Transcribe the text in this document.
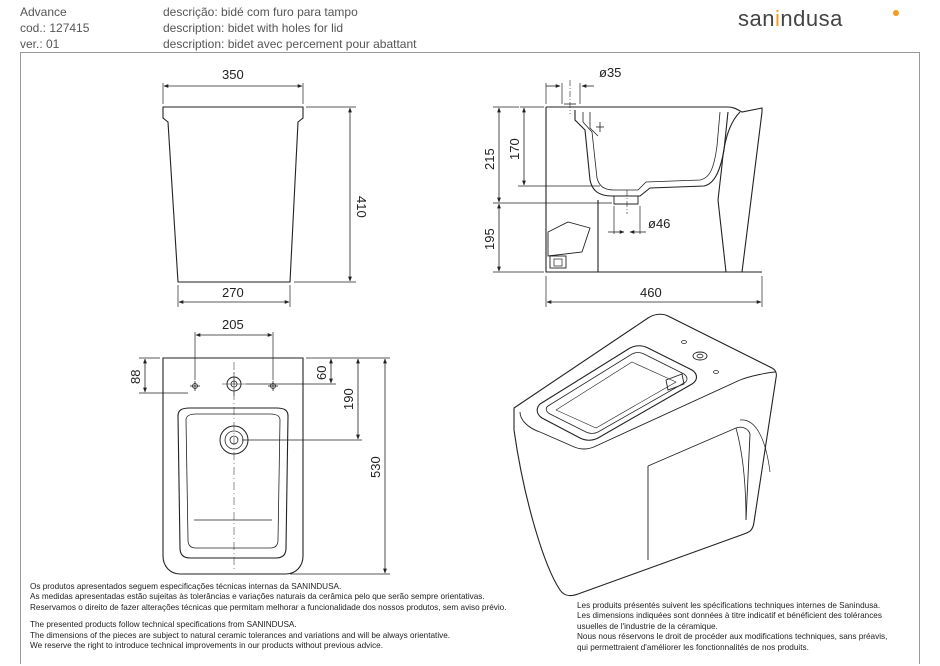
Advance
cod.: 127415
ver.: 01
descrição: bidé com furo para tampo
description: bidet with holes for lid
description: bidet avec percement pour abattant
sanindusa
350
410
270
ø35
170
215
195
ø46
460
205
88	60
190
530

Os produtos apresentados seguem especificações técnicas internas da SANINDUSA.

As medidas apresentadas estão sujeitas às tolerâncias e variações naturais da cerâmica pelo que serão sempre orientativas.

Reservamos o direito de fazer alterações técnicas que permitam melhorar a funcionalidade dos nossos produtos, sem aviso prévio.

The presented products follow technical specifications from SANINDUSA.

The dimensions of the pieces are subject to natural ceramic tolerances and variations and will be always orientative.

We reserve the right to introduce technical improvements in our products without previous advice.

Les produits présentés suivent les spécifications techniques internes de Sanindusa.

Les dimensions indiquées sont données à titre indicatif et bénéficient des tolérances

usuelles de l'industrie de la céramique.

Nous nous réservons le droit de procéder aux modifications techniques, sans préavis,

qui permettraient d'améliorer les fonctionnalités de nos produits.
